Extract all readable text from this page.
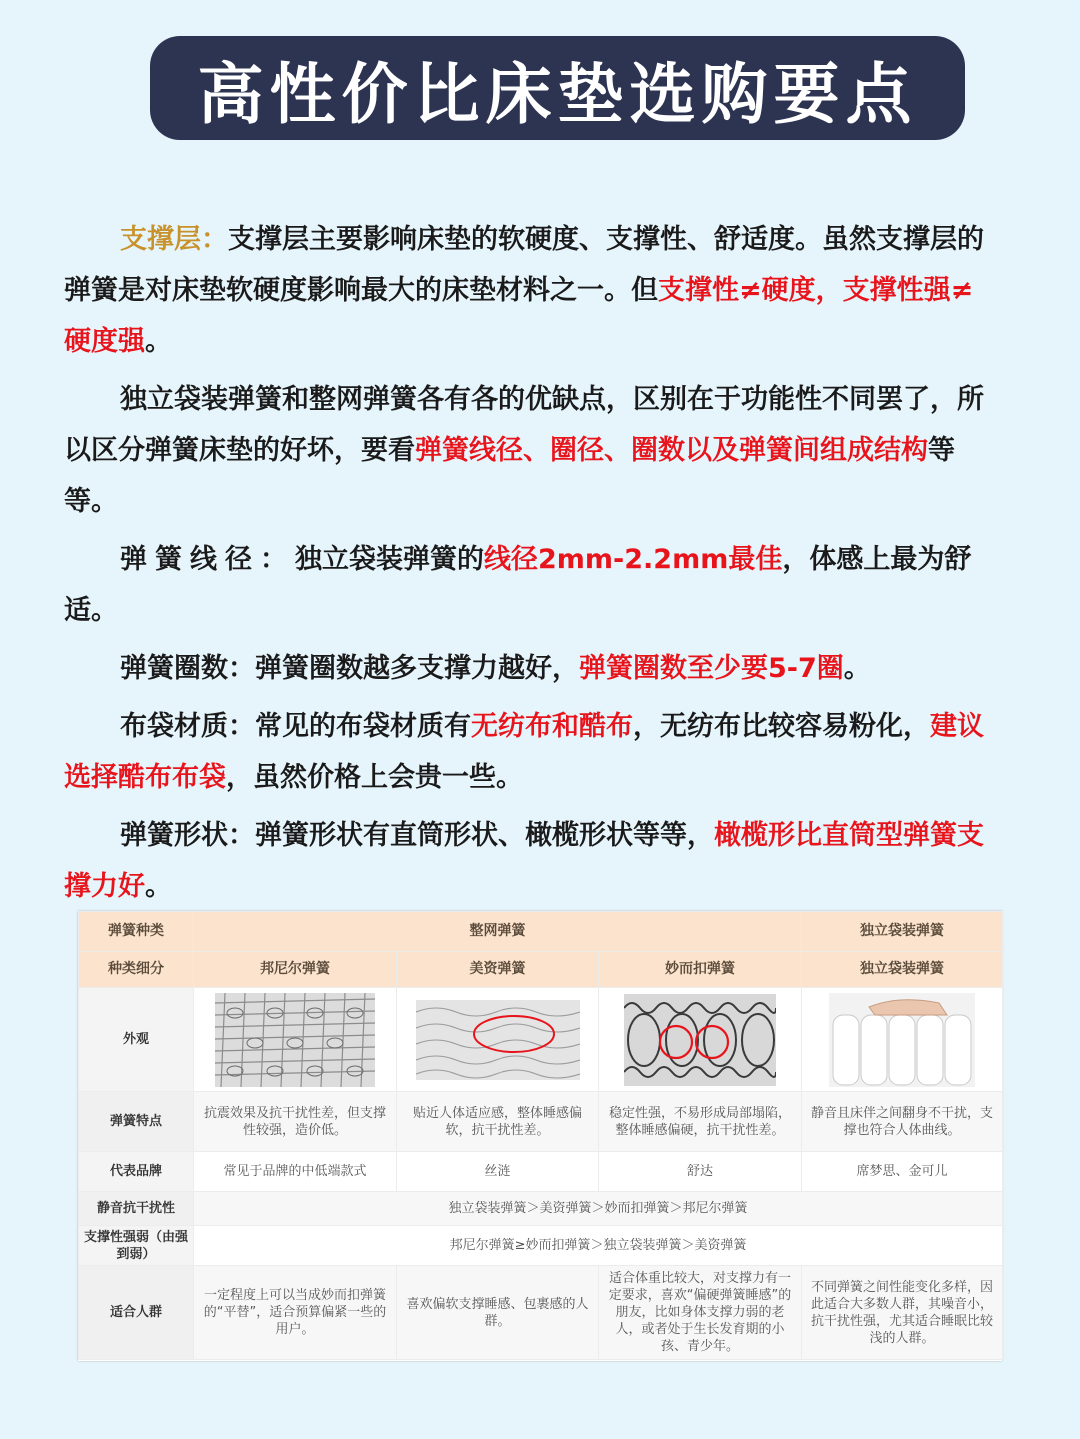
高性价比床垫选购要点

支撑层：支撑层主要影响床垫的软硬度、支撑性、舒适度。虽然支撑层的弹簧是对床垫软硬度影响最大的床垫材料之一。但支撑性≠硬度，支撑性强≠硬度强。

独立袋装弹簧和整网弹簧各有各的优缺点，区别在于功能性不同罢了，所以区分弹簧床垫的好坏，要看弹簧线径、圈径、圈数以及弹簧间组成结构等等。

弹簧线径：独立袋装弹簧的线径2mm-2.2mm最佳，体感上最为舒适。

弹簧圈数：弹簧圈数越多支撑力越好，弹簧圈数至少要5-7圈。

布袋材质：常见的布袋材质有无纺布和酷布，无纺布比较容易粉化，建议选择酷布布袋，虽然价格上会贵一些。

弹簧形状：弹簧形状有直筒形状、橄榄形状等等，橄榄形比直筒型弹簧支撑力好。

弹簧种类	整网弹簧			独立袋装弹簧
种类细分	邦尼尔弹簧	美资弹簧	妙而扣弹簧	独立袋装弹簧
外观	

弹簧特点	抗震效果及抗干扰性差，但支撑性较强，造价低。	贴近人体适应感，整体睡感偏软，抗干扰性差。	稳定性强，不易形成局部塌陷，整体睡感偏硬，抗干扰性差。	静音且床伴之间翻身不干扰，支撑也符合人体曲线。
代表品牌	常见于品牌的中低端款式	丝涟	舒达	席梦思、金可儿
静音抗干扰性	独立袋装弹簧＞美资弹簧＞妙而扣弹簧＞邦尼尔弹簧			
支撑性强弱（由强到弱）	邦尼尔弹簧≥妙而扣弹簧＞独立袋装弹簧＞美资弹簧			
适合人群	一定程度上可以当成妙而扣弹簧的“平替”，适合预算偏紧一些的用户。	喜欢偏软支撑睡感、包裹感的人群。	适合体重比较大，对支撑力有一定要求，喜欢“偏硬弹簧睡感”的朋友，比如身体支撑力弱的老人，或者处于生长发育期的小孩、青少年。	不同弹簧之间性能变化多样，因此适合大多数人群，其噪音小，抗干扰性强，尤其适合睡眠比较浅的人群。
